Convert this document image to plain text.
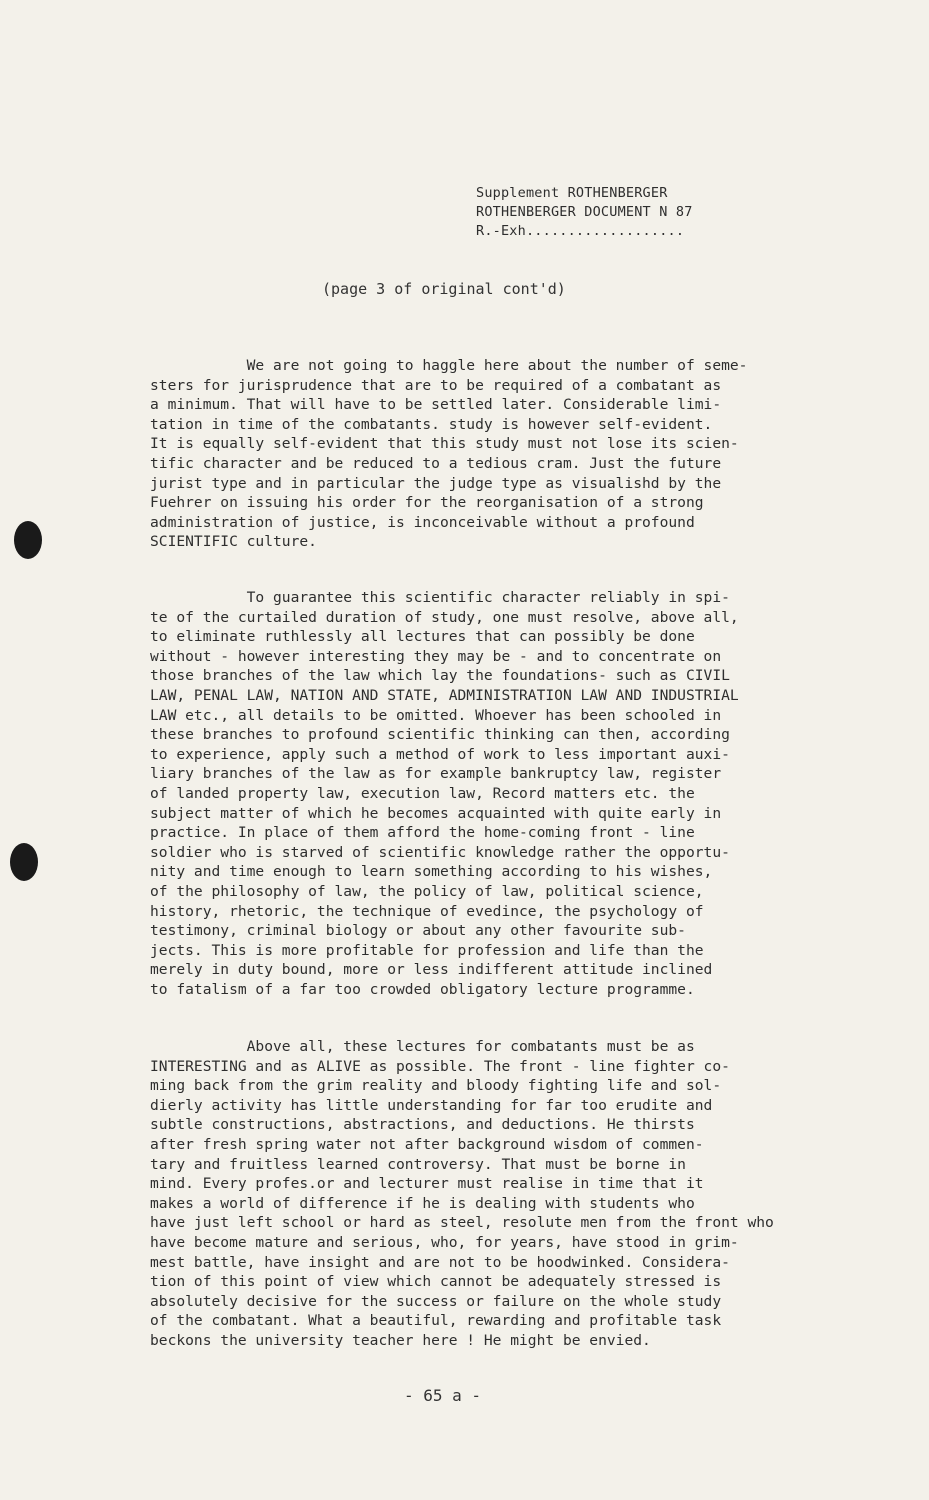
Supplement ROTHENBERGER
ROTHENBERGER DOCUMENT N 87
R.-Exh...................
(page 3 of original cont'd)
We are not going to haggle here about the number of seme-
sters for jurisprudence that are to be required of a combatant as
a minimum. That will have to be settled later. Considerable limi-
tation in time of the combatants. study is however self-evident.
It is equally self-evident that this study must not lose its scien-
tific character and be reduced to a tedious cram. Just the future
jurist type and in particular the judge type as visualishd by the
Fuehrer on issuing his order for the reorganisation of a strong
administration of justice, is inconceivable without a profound
SCIENTIFIC culture.
To guarantee this scientific character reliably in spi-
te of the curtailed duration of study, one must resolve, above all,
to eliminate ruthlessly all lectures that can possibly be done
without - however interesting they may be - and to concentrate on
those branches of the law which lay the foundations- such as CIVIL
LAW, PENAL LAW, NATION AND STATE, ADMINISTRATION LAW AND INDUSTRIAL
LAW etc., all details to be omitted. Whoever has been schooled in
these branches to profound scientific thinking can then, according
to experience, apply such a method of work to less important auxi-
liary branches of the law as for example bankruptcy law, register
of landed property law, execution law, Record matters etc. the
subject matter of which he becomes acquainted with quite early in
practice. In place of them afford the home-coming front - line
soldier who is starved of scientific knowledge rather the opportu-
nity and time enough to learn something according to his wishes,
of the philosophy of law, the policy of law, political science,
history, rhetoric, the technique of evedince, the psychology of
testimony, criminal biology or about any other favourite sub-
jects. This is more profitable for profession and life than the
merely in duty bound, more or less indifferent attitude inclined
to fatalism of a far too crowded obligatory lecture programme.
Above all, these lectures for combatants must be as
INTERESTING and as ALIVE as possible. The front - line fighter co-
ming back from the grim reality and bloody fighting life and sol-
dierly activity has little understanding for far too erudite and
subtle constructions, abstractions, and deductions. He thirsts
after fresh spring water not after background wisdom of commen-
tary and fruitless learned controversy. That must be borne in
mind. Every profes.or and lecturer must realise in time that it
makes a world of difference if he is dealing with students who
have just left school or hard as steel, resolute men from the front who
have become mature and serious, who, for years, have stood in grim-
mest battle, have insight and are not to be hoodwinked. Considera-
tion of this point of view which cannot be adequately stressed is
absolutely decisive for the success or failure on the whole study
of the combatant. What a beautiful, rewarding and profitable task
beckons the university teacher here ! He might be envied.
- 65 a -
